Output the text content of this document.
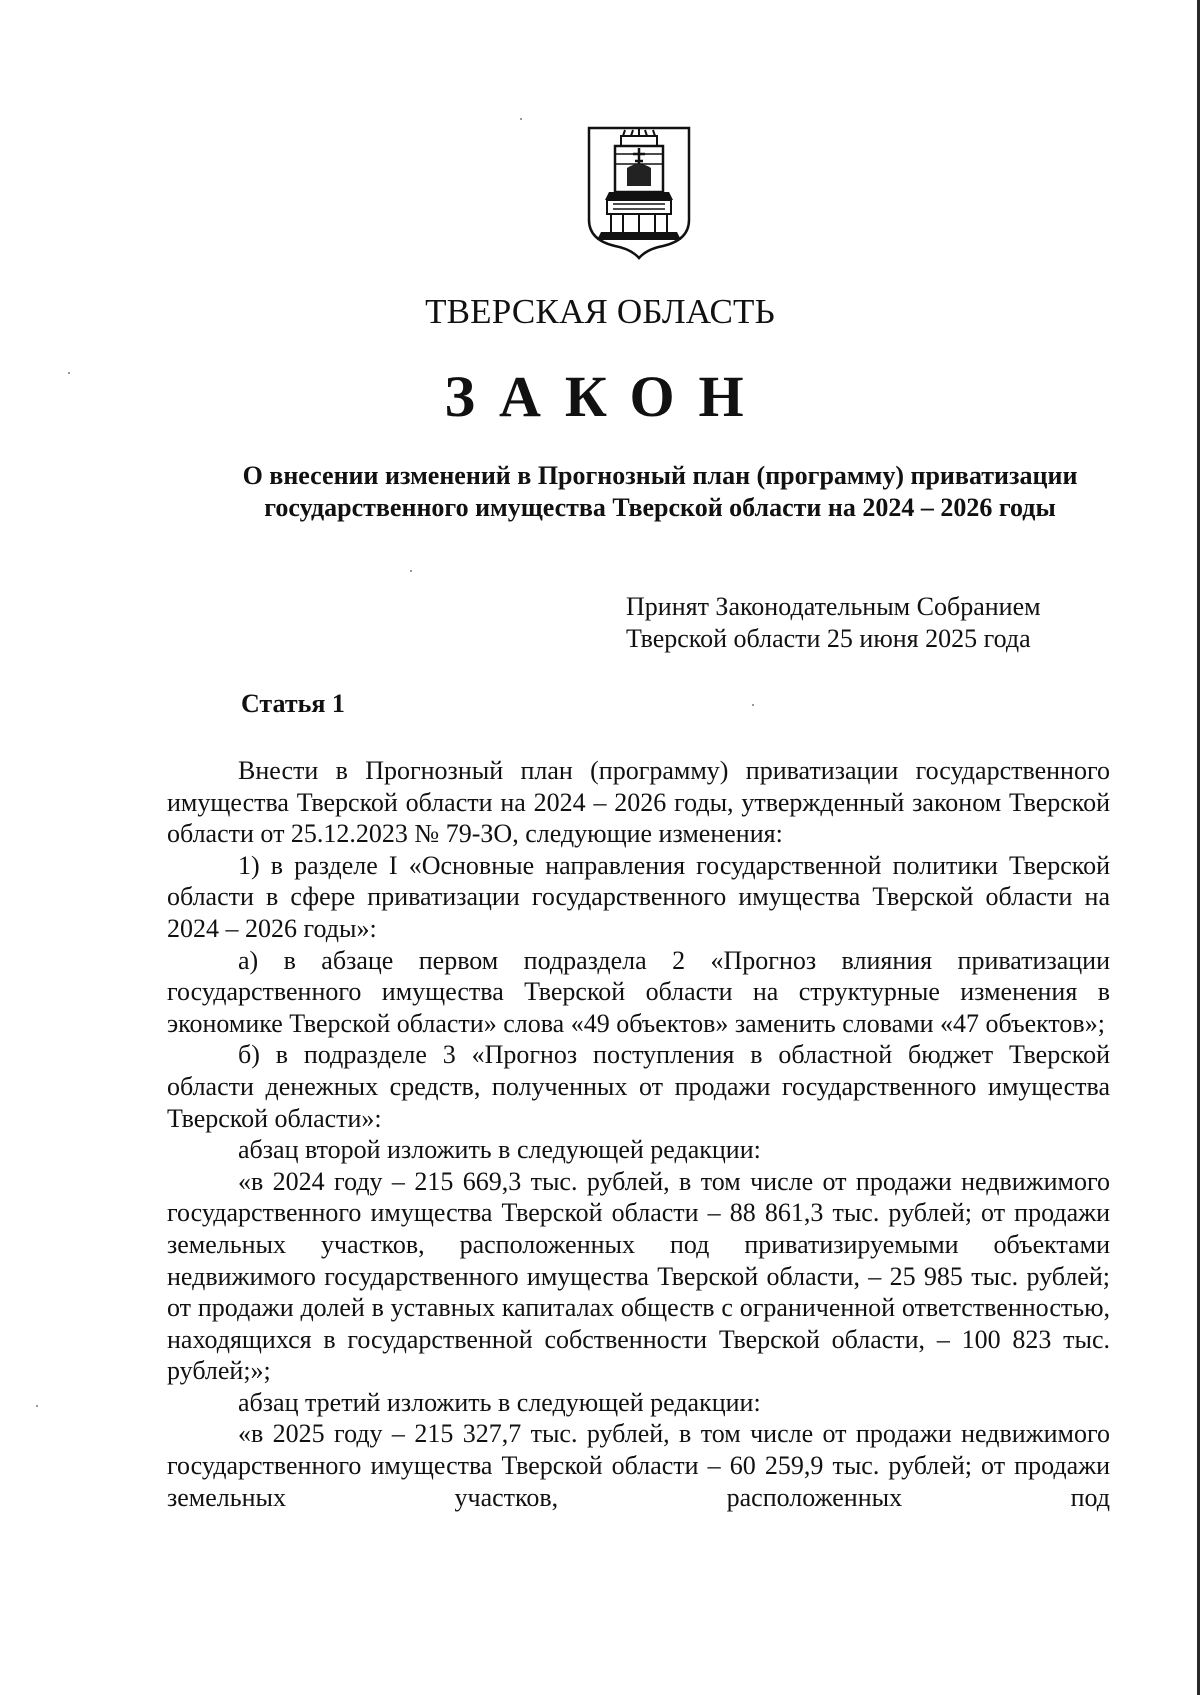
ТВЕРСКАЯ ОБЛАСТЬ
ЗАКОН
О внесении изменений в Прогнозный план (программу) приватизации государственного имущества Тверской области на 2024 – 2026 годы
Принят Законодательным Собранием
Тверской области 25 июня 2025 года
Статья 1

Внести в Прогнозный план (программу) приватизации государственного имущества Тверской области на 2024 – 2026 годы, утвержденный законом Тверской области от 25.12.2023 № 79-ЗО, следующие изменения:

1) в разделе I «Основные направления государственной политики Тверской области в сфере приватизации государственного имущества Тверской области на 2024 – 2026 годы»:

а) в абзаце первом подраздела 2 «Прогноз влияния приватизации государственного имущества Тверской области на структурные изменения в экономике Тверской области» слова «49 объектов» заменить словами «47 объектов»;

б) в подразделе 3 «Прогноз поступления в областной бюджет Тверской области денежных средств, полученных от продажи государственного имущества Тверской области»:

абзац второй изложить в следующей редакции:

«в 2024 году – 215 669,3 тыс. рублей, в том числе от продажи недвижимого государственного имущества Тверской области – 88 861,3 тыс. рублей; от продажи земельных участков, расположенных под приватизируемыми объектами недвижимого государственного имущества Тверской области, – 25 985 тыс. рублей; от продажи долей в уставных капиталах обществ с ограниченной ответственностью, находящихся в государственной собственности Тверской области, – 100 823 тыс. рублей;»;

абзац третий изложить в следующей редакции:

«в 2025 году – 215 327,7 тыс. рублей, в том числе от продажи недвижимого государственного имущества Тверской области – 60 259,9 тыс. рублей; от продажи земельных участков, расположенных под
